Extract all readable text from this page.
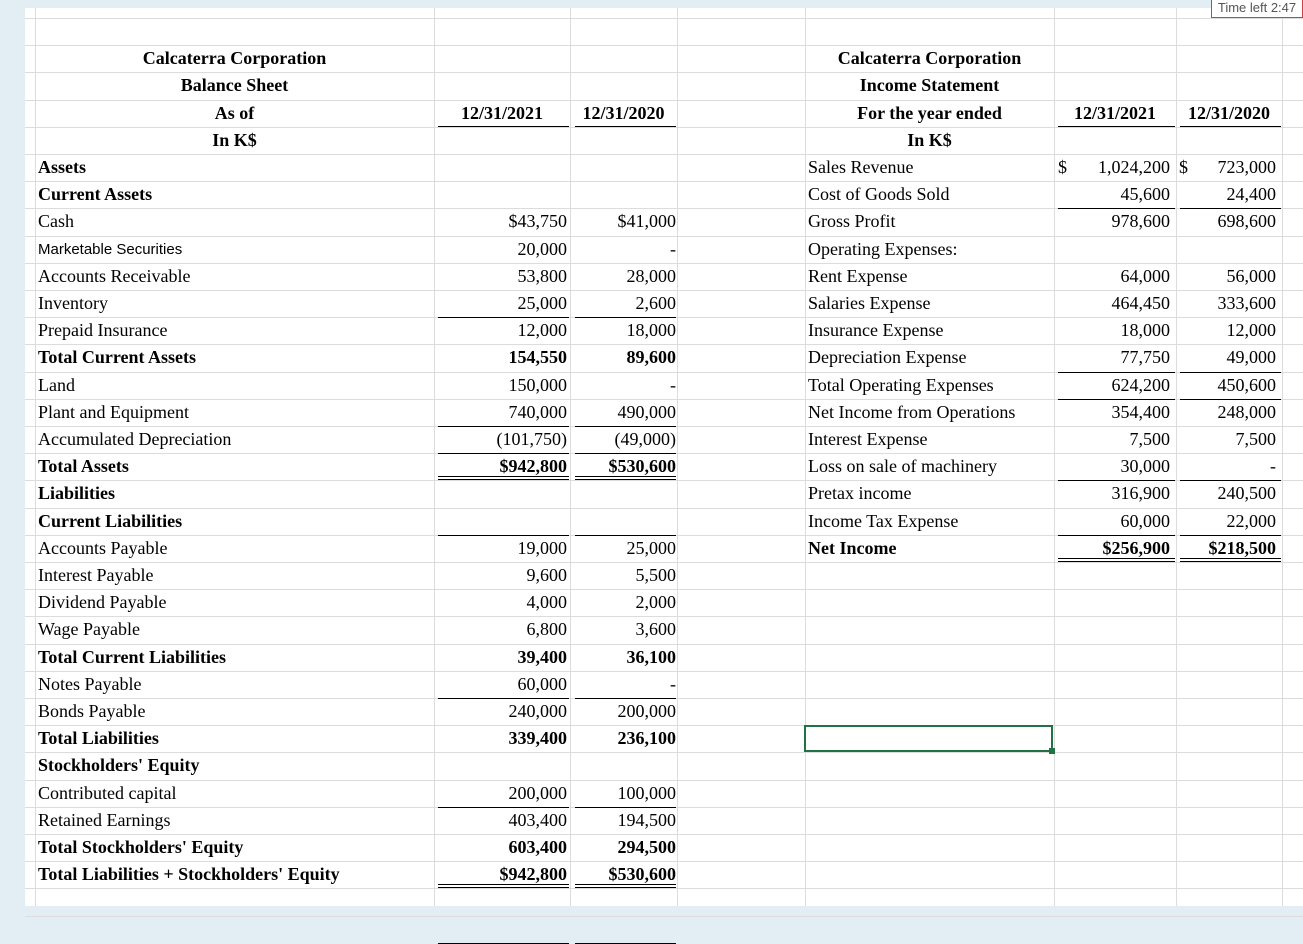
Calcaterra Corporation
Balance Sheet
As of
In K$
12/31/2021	12/31/2020
Assets
Current Assets
Cash	$43,750	$41,000
Marketable Securities	20,000	-
Accounts Receivable	53,800	28,000
Inventory	25,000	2,600
Prepaid Insurance	12,000	18,000
Total Current Assets	154,550	89,600
Land	150,000	-
Plant and Equipment	740,000	490,000
Accumulated Depreciation	(101,750)	(49,000)
Total Assets	$942,800	$530,600
Liabilities
Current Liabilities
Accounts Payable	19,000	25,000
Interest Payable	9,600	5,500
Dividend Payable	4,000	2,000
Wage Payable	6,800	3,600
Total Current Liabilities	39,400	36,100
Notes Payable	60,000	-
Bonds Payable	240,000	200,000
Total Liabilities	339,400	236,100
Stockholders' Equity
Contributed capital	200,000	100,000
Retained Earnings	403,400	194,500
Total Stockholders' Equity	603,400	294,500
Total Liabilities + Stockholders' Equity	$942,800	$530,600
Calcaterra Corporation
Income Statement
For the year ended
In K$
12/31/2021	12/31/2020
Sales Revenue	1,024,200	723,000
$	$
Cost of Goods Sold	45,600	24,400
Gross Profit	978,600	698,600
Operating Expenses:
Rent Expense	64,000	56,000
Salaries Expense	464,450	333,600
Insurance Expense	18,000	12,000
Depreciation Expense	77,750	49,000
Total Operating Expenses	624,200	450,600
Net Income from Operations	354,400	248,000
Interest Expense	7,500	7,500
Loss on sale of machinery	30,000	-
Pretax income	316,900	240,500
Income Tax Expense	60,000	22,000
Net Income	$256,900	$218,500
Time left 2:47
